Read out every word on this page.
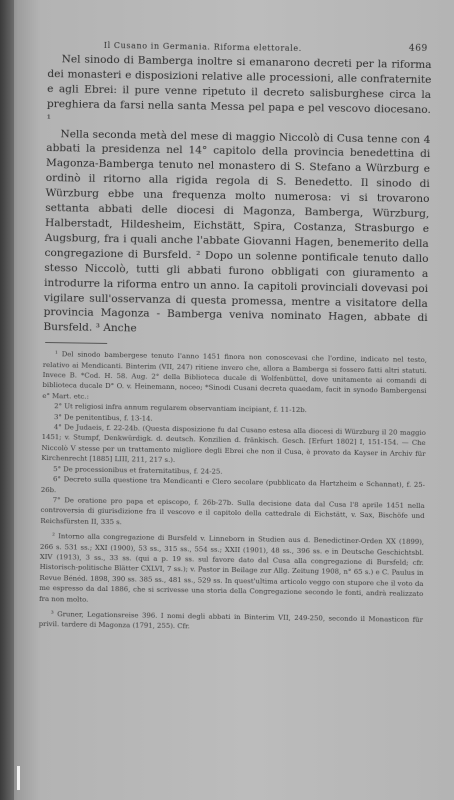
Il Cusano in Germania. Riforma elettorale.	469

Nel sinodo di Bamberga inoltre si emanarono decreti per la riforma dei monasteri e disposizioni relative alle processioni, alle confraternite e agli Ebrei: il pure venne ripetuto il decreto salisburghese circa la preghiera da farsi nella santa Messa pel papa e pel vescovo diocesano. ¹

Nella seconda metà del mese di maggio Niccolò di Cusa tenne con 4 abbati la presidenza nel 14° capitolo della provincia benedettina di Magonza-Bamberga tenuto nel monastero di S. Stefano a Würzburg e ordinò il ritorno alla rigida regola di S. Benedetto. Il sinodo di Würzburg ebbe una frequenza molto numerosa: vi si trovarono settanta abbati delle diocesi di Magonza, Bamberga, Würzburg, Halberstadt, Hildesheim, Eichstätt, Spira, Costanza, Strasburgo e Augsburg, fra i quali anche l'abbate Giovanni Hagen, benemerito della congregazione di Bursfeld. ² Dopo un solenne pontificale tenuto dallo stesso Niccolò, tutti gli abbati furono obbligati con giuramento a introdurre la riforma entro un anno. Ia capitoli provinciali dovevasi poi vigilare sull'osservanza di questa promessa, mentre a visitatore della provincia Magonza - Bamberga veniva nominato Hagen, abbate di Bursfeld. ³ Anche

¹ Del sinodo bambergese tenuto l'anno 1451 finora non conoscevasi che l'ordine, indicato nel testo, relativo ai Mendicanti. Binterim (VII, 247) ritiene invero che, allora a Bamberga si fossero fatti altri statuti. Invece B. *Cod. H. 58. Aug. 2° della Biblioteca ducale di Wolfenbüttel, dove unitamente ai comandi di biblioteca ducale D° O. v. Heinemann, noceo; *Sinodi Cusani decreta quaedam, facit in synodo Bambergensi e° Mart. etc.:

2° Ut religiosi infra annum regularem observantiam incipiant, f. 11-12b.

3° De penitentibus, f. 13-14.

4° De Judaeis, f. 22-24b. (Questa disposizione fu dal Cusano estesa alla diocesi di Würzburg il 20 maggio 1451; v. Stumpf, Denkwürdigk. d. deutsch. Konzilien d. fränkisch. Gesch. [Erfurt 1802] I, 151-154. — Che Niccolò V stesse per un trattamento migliore degli Ebrei che non il Cusa, è provato da Kayser in Archiv für Kirchenrecht [1885] LIII, 211, 217 s.).

5° De processionibus et fraternitatibus, f. 24-25.

6° Decreto sulla questione tra Mendicanti e Clero secolare (pubblicato da Hartzheim e Schannat), f. 25-26b.

7° De oratione pro papa et episcopo, f. 26b-27b. Sulla decisione data dal Cusa l'8 aprile 1451 nella controversia di giurisdizione fra il vescovo e il capitolo della cattedrale di Eichstätt, v. Sax, Bischöfe und Reichsfürsten II, 335 s.

² Intorno alla congregazione di Bursfeld v. Linneborn in Studien aus d. Benedictiner-Orden XX (1899), 266 s. 531 ss.; XXI (1900), 53 ss., 315 ss., 554 ss.; XXII (1901), 48 ss., 396 ss. e in Deutsche Geschichtsbl. XIV (1913), 3 ss., 33 ss. (qui a p. 19 ss. sul favore dato dal Cusa alla congregazione di Bursfeld; cfr. Historisch-politische Blätter CXLVI, 7 ss.); v. Pastor in Beilage zur Allg. Zeitung 1908, n° 65 s.) e C. Paulus in Revue Bénéd. 1898, 390 ss. 385 ss., 481 ss., 529 ss. In quest'ultima articolo veggo con stupore che il voto da me espresso da dal 1886, che si scrivesse una storia della Congregazione secondo le fonti, andrà realizzato fra non molto.

³ Gruner, Legationsreise 396. I nomi degli abbati in Binterim VII, 249-250, secondo il Monasticon für privil. tardere di Magonza (1791, 255). Cfr.
